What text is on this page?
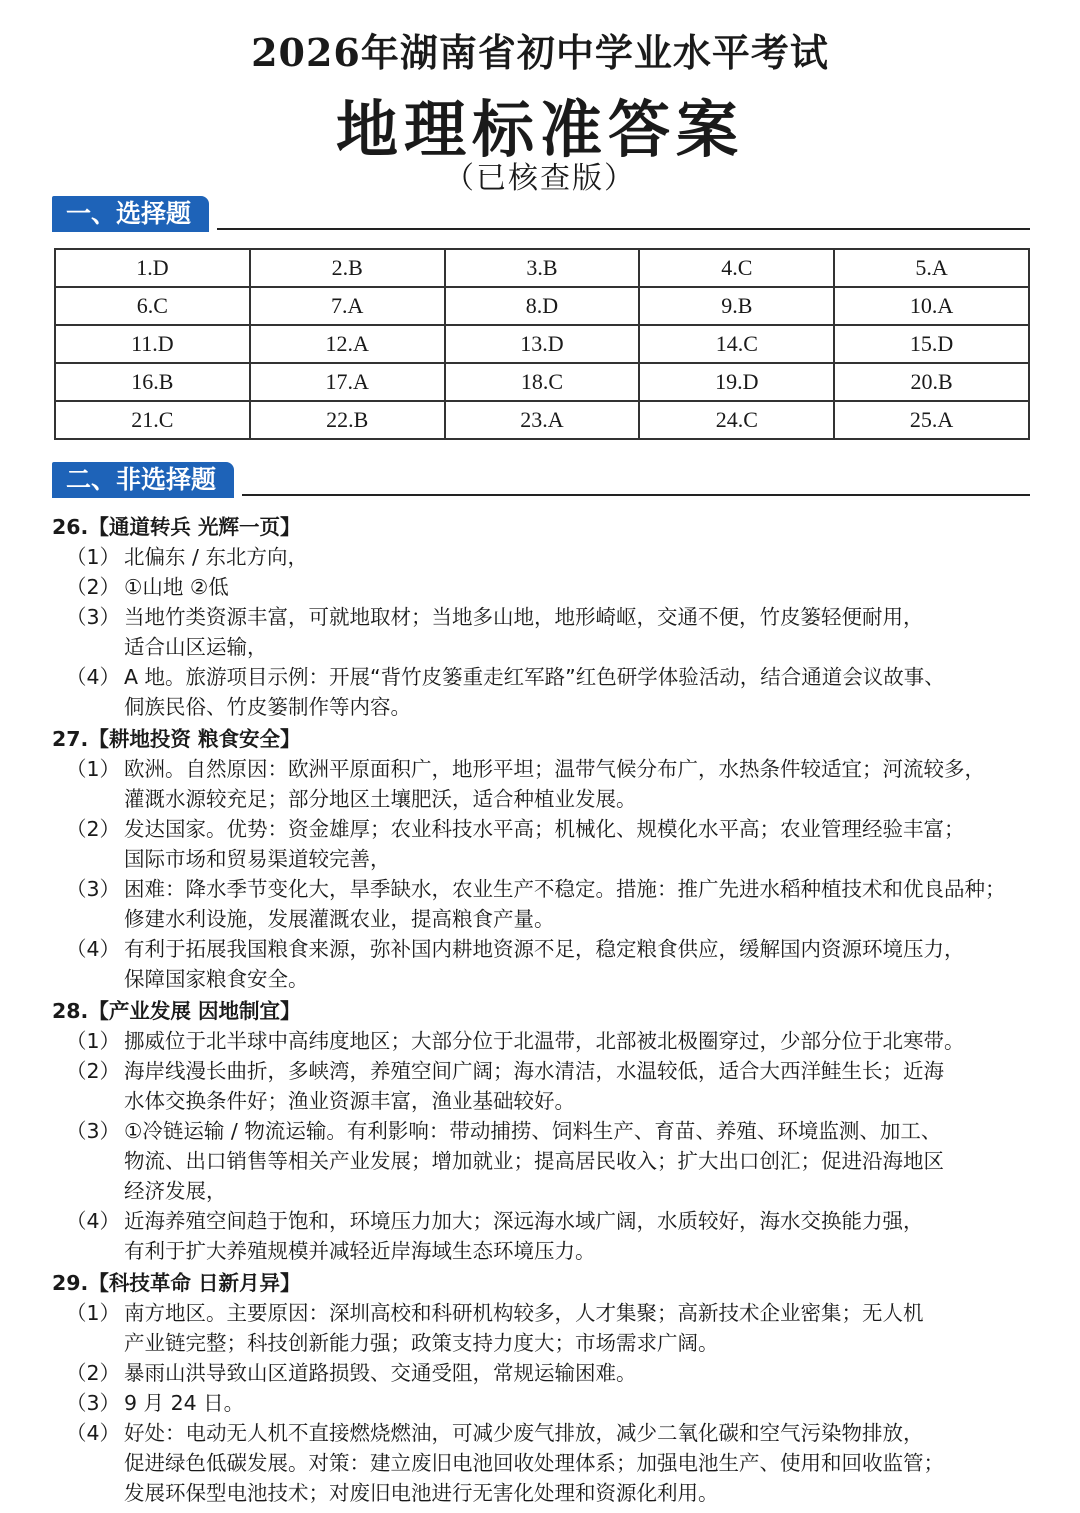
2026年湖南省初中学业水平考试
地理标准答案
（已核查版）
一、选择题
1.D	2.B	3.B	4.C	5.A
6.C	7.A	8.D	9.B	10.A
11.D	12.A	13.D	14.C	15.D
16.B	17.A	18.C	19.D	20.B
21.C	22.B	23.A	24.C	25.A
二、非选择题
26.【通道转兵 光辉一页】
（1） 北偏东 / 东北方向，
（2） ①山地 ②低
（3） 当地竹类资源丰富，可就地取材；当地多山地，地形崎岖，交通不便，竹皮篓轻便耐用，
适合山区运输，
（4） A 地。旅游项目示例：开展“背竹皮篓重走红军路”红色研学体验活动，结合通道会议故事、
侗族民俗、竹皮篓制作等内容。
27.【耕地投资 粮食安全】
（1） 欧洲。自然原因：欧洲平原面积广，地形平坦；温带气候分布广，水热条件较适宜；河流较多，
灌溉水源较充足；部分地区土壤肥沃，适合种植业发展。
（2） 发达国家。优势：资金雄厚；农业科技水平高；机械化、规模化水平高；农业管理经验丰富；
国际市场和贸易渠道较完善，
（3） 困难：降水季节变化大，旱季缺水，农业生产不稳定。措施：推广先进水稻种植技术和优良品种；
修建水利设施，发展灌溉农业，提高粮食产量。
（4） 有利于拓展我国粮食来源，弥补国内耕地资源不足，稳定粮食供应，缓解国内资源环境压力，
保障国家粮食安全。
28.【产业发展 因地制宜】
（1） 挪威位于北半球中高纬度地区；大部分位于北温带，北部被北极圈穿过，少部分位于北寒带。
（2） 海岸线漫长曲折，多峡湾，养殖空间广阔；海水清洁，水温较低，适合大西洋鲑生长；近海
水体交换条件好；渔业资源丰富，渔业基础较好。
（3） ①冷链运输 / 物流运输。有利影响：带动捕捞、饲料生产、育苗、养殖、环境监测、加工、
物流、出口销售等相关产业发展；增加就业；提高居民收入；扩大出口创汇；促进沿海地区
经济发展，
（4） 近海养殖空间趋于饱和，环境压力加大；深远海水域广阔，水质较好，海水交换能力强，
有利于扩大养殖规模并减轻近岸海域生态环境压力。
29.【科技革命 日新月异】
（1） 南方地区。主要原因：深圳高校和科研机构较多，人才集聚；高新技术企业密集；无人机
产业链完整；科技创新能力强；政策支持力度大；市场需求广阔。
（2） 暴雨山洪导致山区道路损毁、交通受阻，常规运输困难。
（3） 9 月 24 日。
（4） 好处：电动无人机不直接燃烧燃油，可减少废气排放，减少二氧化碳和空气污染物排放，
促进绿色低碳发展。对策：建立废旧电池回收处理体系；加强电池生产、使用和回收监管；
发展环保型电池技术；对废旧电池进行无害化处理和资源化利用。
